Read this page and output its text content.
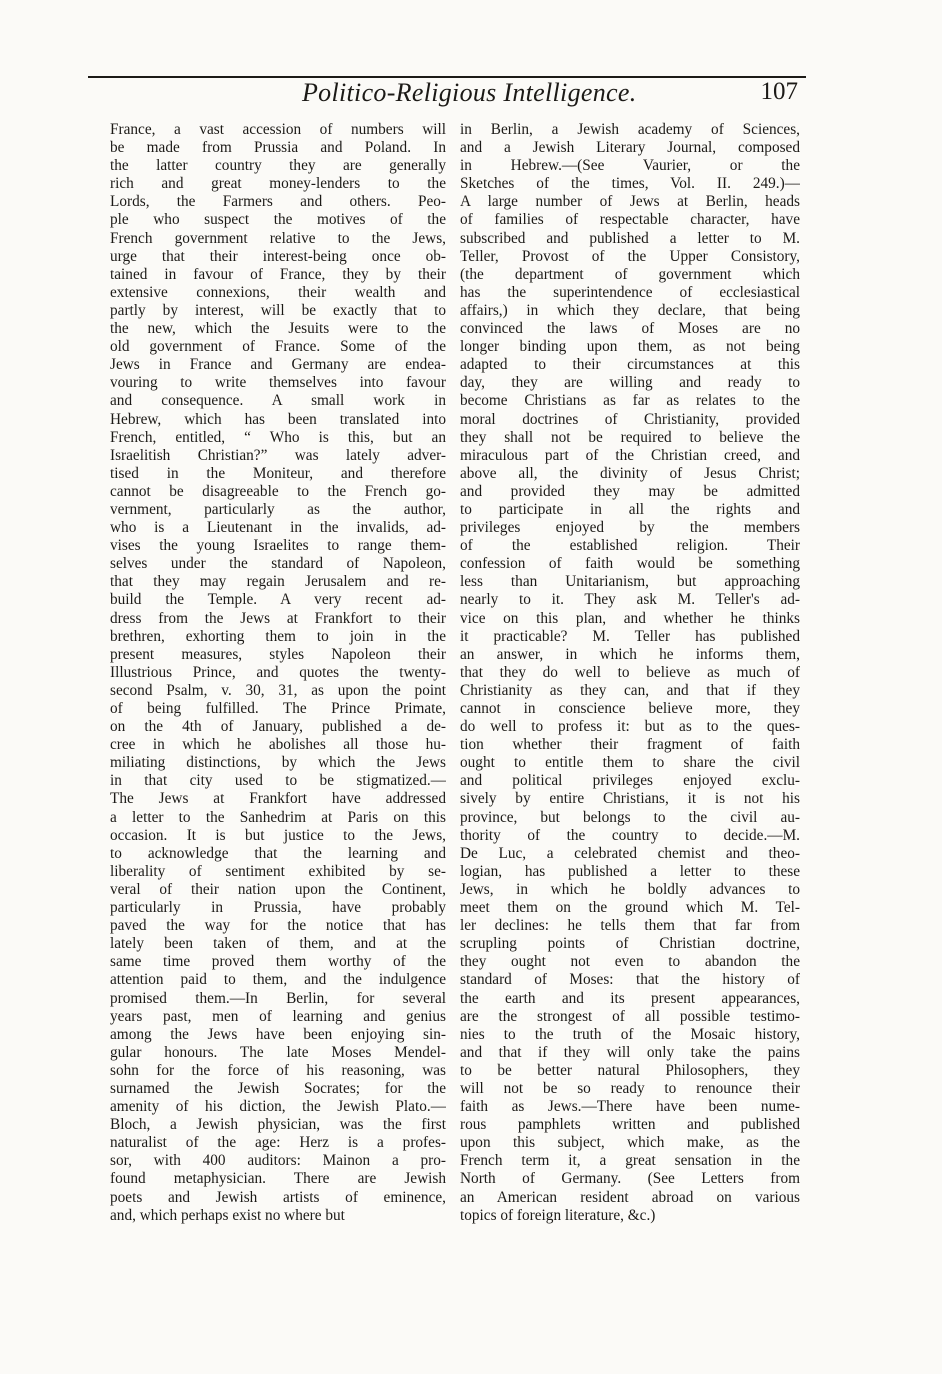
Politico-Religious Intelligence.	107
France, a vast accession of numbers will
be made from Prussia and Poland. In
the latter country they are generally
rich and great money-lenders to the
Lords, the Farmers and others. Peo-
ple who suspect the motives of the
French government relative to the Jews,
urge that their interest-being once ob-
tained in favour of France, they by their
extensive connexions, their wealth and
partly by interest, will be exactly that to
the new, which the Jesuits were to the
old government of France. Some of the
Jews in France and Germany are endea-
vouring to write themselves into favour
and consequence. A small work in
Hebrew, which has been translated into
French, entitled, “ Who is this, but an
Israelitish Christian?” was lately adver-
tised in the Moniteur, and therefore
cannot be disagreeable to the French go-
vernment, particularly as the author,
who is a Lieutenant in the invalids, ad-
vises the young Israelites to range them-
selves under the standard of Napoleon,
that they may regain Jerusalem and re-
build the Temple. A very recent ad-
dress from the Jews at Frankfort to their
brethren, exhorting them to join in the
present measures, styles Napoleon their
Illustrious Prince, and quotes the twenty-
second Psalm, v. 30, 31, as upon the point
of being fulfilled. The Prince Primate,
on the 4th of January, published a de-
cree in which he abolishes all those hu-
miliating distinctions, by which the Jews
in that city used to be stigmatized.—
The Jews at Frankfort have addressed
a letter to the Sanhedrim at Paris on this
occasion. It is but justice to the Jews,
to acknowledge that the learning and
liberality of sentiment exhibited by se-
veral of their nation upon the Continent,
particularly in Prussia, have probably
paved the way for the notice that has
lately been taken of them, and at the
same time proved them worthy of the
attention paid to them, and the indulgence
promised them.—In Berlin, for several
years past, men of learning and genius
among the Jews have been enjoying sin-
gular honours. The late Moses Mendel-
sohn for the force of his reasoning, was
surnamed the Jewish Socrates; for the
amenity of his diction, the Jewish Plato.—
Bloch, a Jewish physician, was the first
naturalist of the age: Herz is a profes-
sor, with 400 auditors: Mainon a pro-
found metaphysician. There are Jewish
poets and Jewish artists of eminence,
and, which perhaps exist no where but
in Berlin, a Jewish academy of Sciences,
and a Jewish Literary Journal, composed
in Hebrew.—(See Vaurier, or the
Sketches of the times, Vol. II. 249.)—
A large number of Jews at Berlin, heads
of families of respectable character, have
subscribed and published a letter to M.
Teller, Provost of the Upper Consistory,
(the department of government which
has the superintendence of ecclesiastical
affairs,) in which they declare, that being
convinced the laws of Moses are no
longer binding upon them, as not being
adapted to their circumstances at this
day, they are willing and ready to
become Christians as far as relates to the
moral doctrines of Christianity, provided
they shall not be required to believe the
miraculous part of the Christian creed, and
above all, the divinity of Jesus Christ;
and provided they may be admitted
to participate in all the rights and
privileges enjoyed by the members
of the established religion. Their
confession of faith would be something
less than Unitarianism, but approaching
nearly to it. They ask M. Teller's ad-
vice on this plan, and whether he thinks
it practicable? M. Teller has published
an answer, in which he informs them,
that they do well to believe as much of
Christianity as they can, and that if they
cannot in conscience believe more, they
do well to profess it: but as to the ques-
tion whether their fragment of faith
ought to entitle them to share the civil
and political privileges enjoyed exclu-
sively by entire Christians, it is not his
province, but belongs to the civil au-
thority of the country to decide.—M.
De Luc, a celebrated chemist and theo-
logian, has published a letter to these
Jews, in which he boldly advances to
meet them on the ground which M. Tel-
ler declines: he tells them that far from
scrupling points of Christian doctrine,
they ought not even to abandon the
standard of Moses: that the history of
the earth and its present appearances,
are the strongest of all possible testimo-
nies to the truth of the Mosaic history,
and that if they will only take the pains
to be better natural Philosophers, they
will not be so ready to renounce their
faith as Jews.—There have been nume-
rous pamphlets written and published
upon this subject, which make, as the
French term it, a great sensation in the
North of Germany. (See Letters from
an American resident abroad on various
topics of foreign literature, &c.)
